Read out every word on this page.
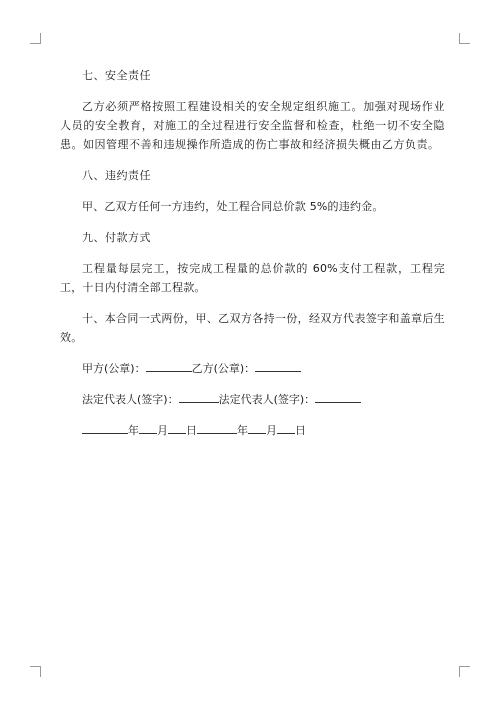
七、安全责任

乙方必须严格按照工程建设相关的安全规定组织施工。加强对现场作业人员的安全教育，对施工的全过程进行安全监督和检查，杜绝一切不安全隐患。如因管理不善和违规操作所造成的伤亡事故和经济损失概由乙方负责。

八、违约责任

甲、乙双方任何一方违约，处工程合同总价款 5%的违约金。

九、付款方式

工程量每层完工，按完成工程量的总价款的 60%支付工程款，工程完工，十日内付清全部工程款。

十、本合同一式两份，甲、乙双方各持一份，经双方代表签字和盖章后生效。

甲方(公章)：	乙方(公章)：

法定代表人(签字)：	法定代表人(签字)：

年 月 日	年 月 日
